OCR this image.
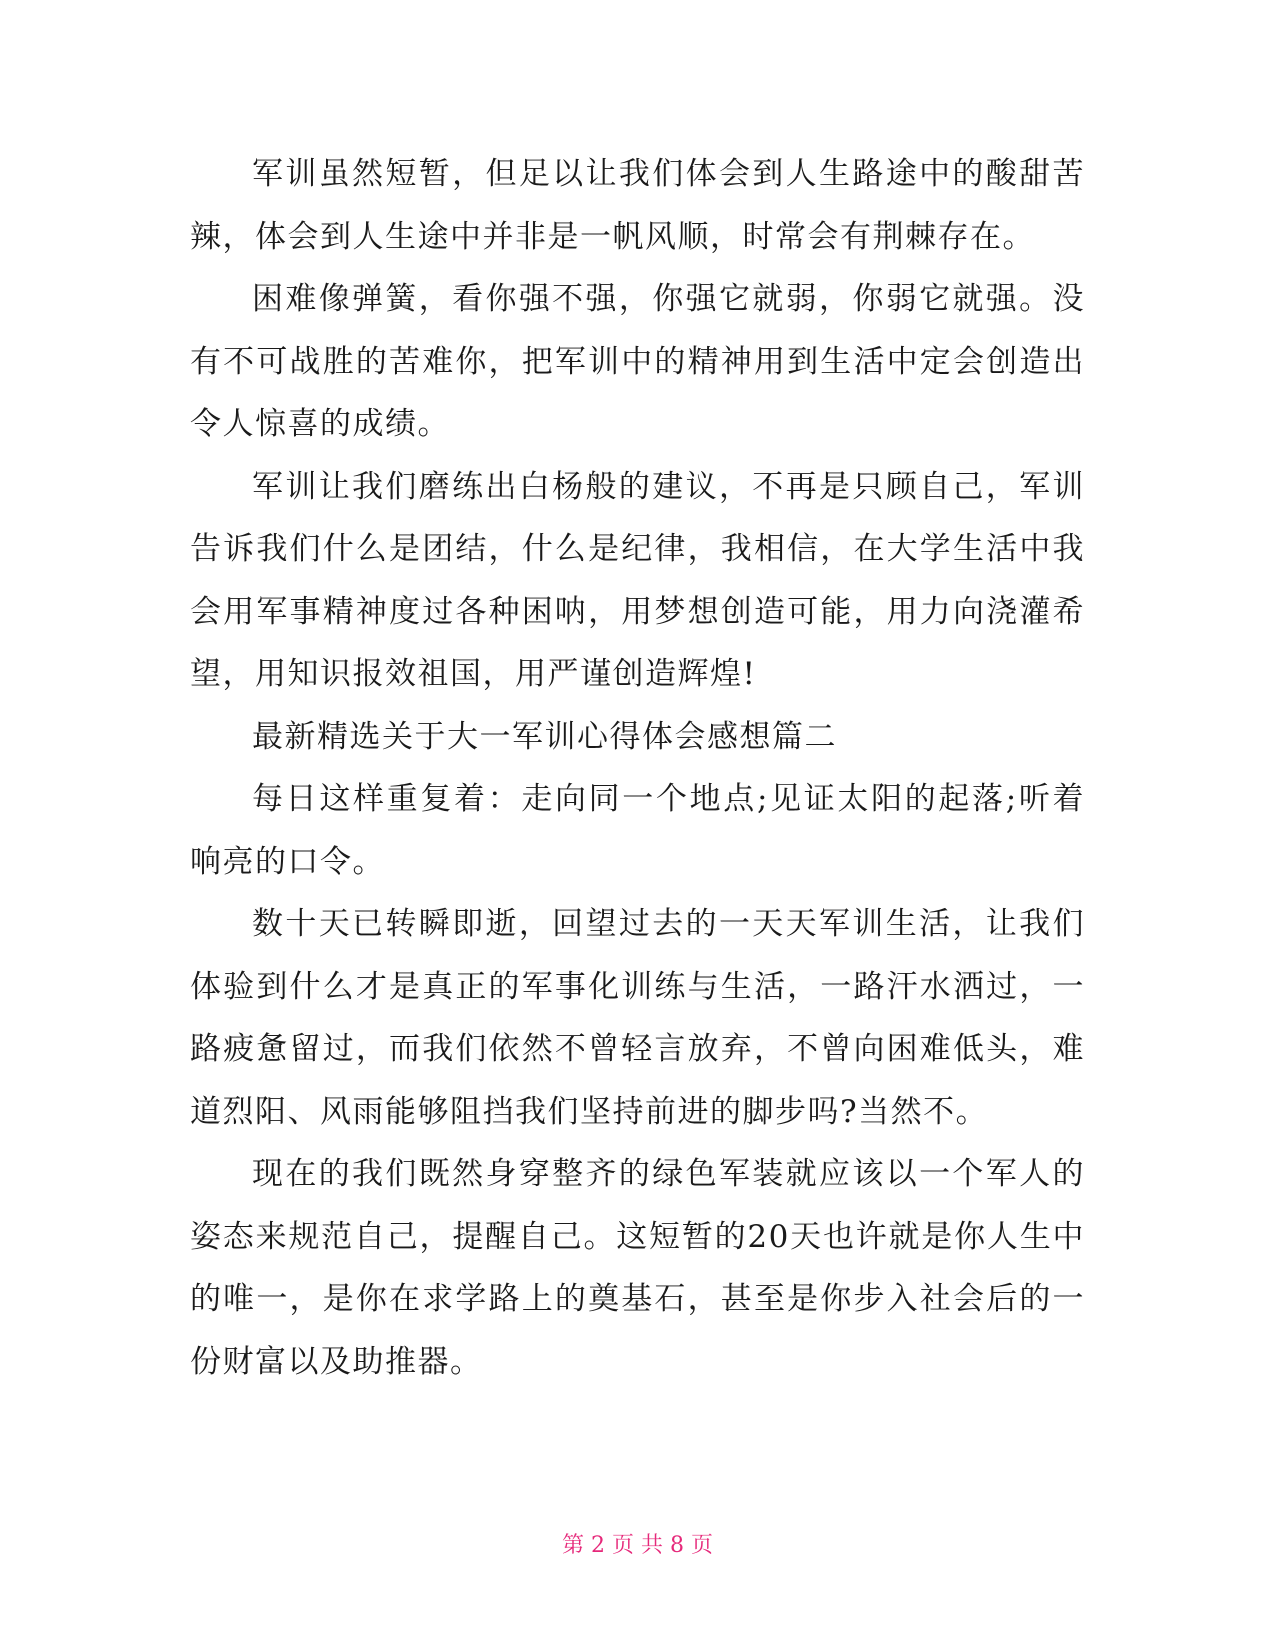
军训虽然短暂，但足以让我们体会到人生路途中的酸甜苦辣，体会到人生途中并非是一帆风顺，时常会有荆棘存在。

困难像弹簧，看你强不强，你强它就弱，你弱它就强。没有不可战胜的苦难你，把军训中的精神用到生活中定会创造出令人惊喜的成绩。

军训让我们磨练出白杨般的建议，不再是只顾自己，军训告诉我们什么是团结，什么是纪律，我相信，在大学生活中我会用军事精神度过各种困呐，用梦想创造可能，用力向浇灌希望，用知识报效祖国，用严谨创造辉煌!

最新精选关于大一军训心得体会感想篇二

每日这样重复着：走向同一个地点;见证太阳的起落;听着响亮的口令。

数十天已转瞬即逝，回望过去的一天天军训生活，让我们体验到什么才是真正的军事化训练与生活，一路汗水洒过，一路疲惫留过，而我们依然不曾轻言放弃，不曾向困难低头，难道烈阳、风雨能够阻挡我们坚持前进的脚步吗?当然不。

现在的我们既然身穿整齐的绿色军装就应该以一个军人的姿态来规范自己，提醒自己。这短暂的20天也许就是你人生中的唯一，是你在求学路上的奠基石，甚至是你步入社会后的一份财富以及助推器。

第 2 页 共 8 页
